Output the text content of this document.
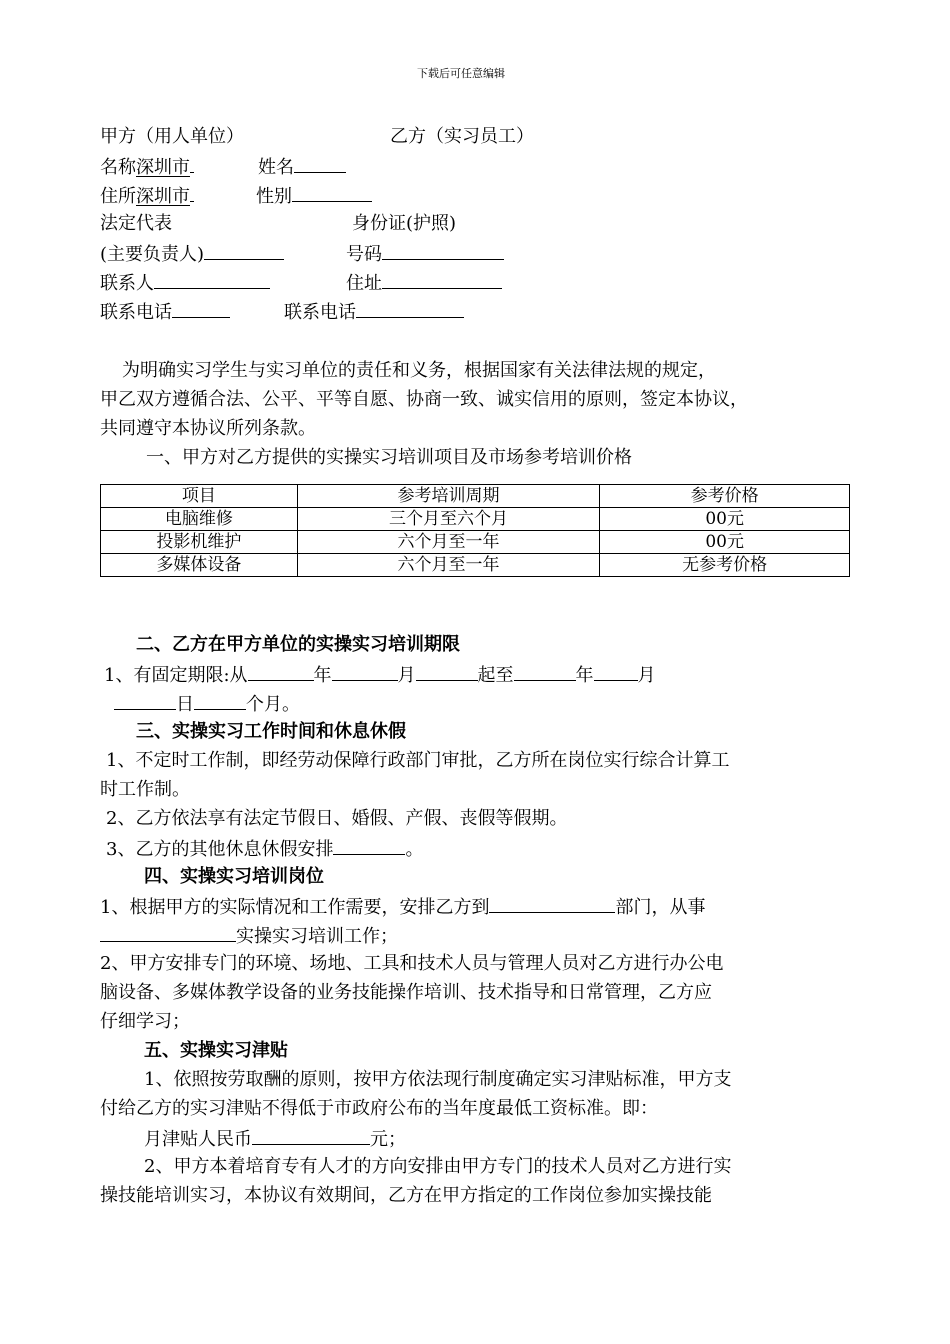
下载后可任意编辑
甲方（用人单位）	乙方（实习员工）
名称深圳市	姓名
住所深圳市	性别
法定代表	身份证(护照)
(主要负责人)	号码
联系人	住址
联系电话	联系电话
为明确实习学生与实习单位的责任和义务，根据国家有关法律法规的规定，
甲乙双方遵循合法、公平、平等自愿、协商一致、诚实信用的原则，签定本协议，
共同遵守本协议所列条款。
一、甲方对乙方提供的实操实习培训项目及市场参考培训价格
项目	参考培训周期	参考价格
电脑维修	三个月至六个月	00元
投影机维护	六个月至一年	00元
多媒体设备	六个月至一年	无参考价格
二、乙方在甲方单位的实操实习培训期限
1、有固定期限:从	年	月	起至	年 月
日	个月。
三、实操实习工作时间和休息休假
1、不定时工作制，即经劳动保障行政部门审批，乙方所在岗位实行综合计算工
时工作制。
2、乙方依法享有法定节假日、婚假、产假、丧假等假期。
3、乙方的其他休息休假安排	。
四、实操实习培训岗位
1、根据甲方的实际情况和工作需要，安排乙方到	部门，从事
实操实习培训工作；
2、甲方安排专门的环境、场地、工具和技术人员与管理人员对乙方进行办公电
脑设备、多媒体教学设备的业务技能操作培训、技术指导和日常管理，乙方应
仔细学习；
五、实操实习津贴
1、依照按劳取酬的原则，按甲方依法现行制度确定实习津贴标准，甲方支
付给乙方的实习津贴不得低于市政府公布的当年度最低工资标准。即：
月津贴人民币	元；
2、甲方本着培育专有人才的方向安排由甲方专门的技术人员对乙方进行实
操技能培训实习，本协议有效期间，乙方在甲方指定的工作岗位参加实操技能
